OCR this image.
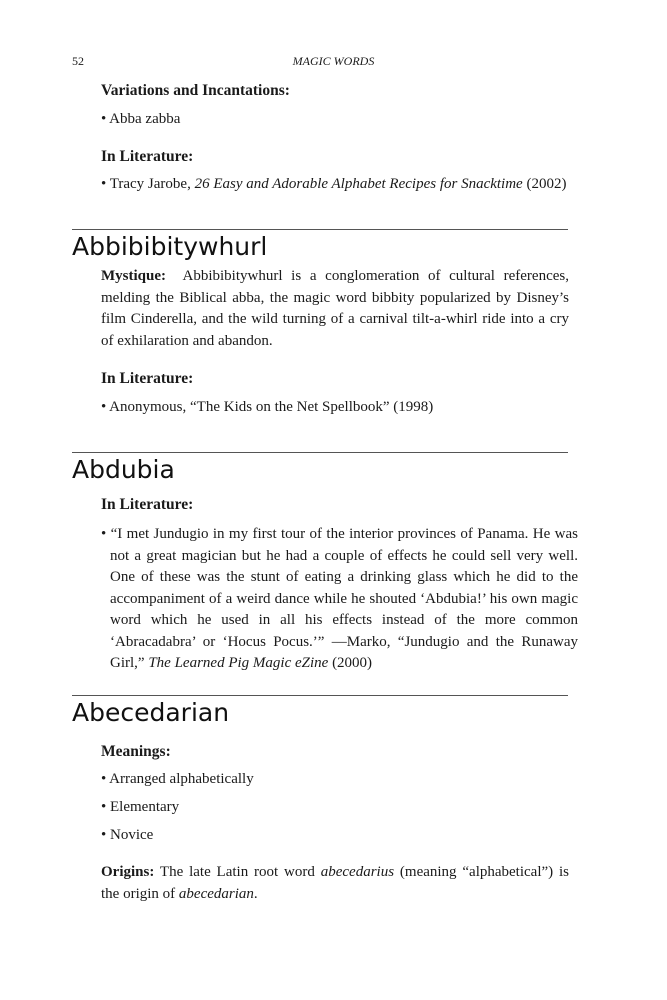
52	MAGIC WORDS
Variations and Incantations:
• Abba zabba
In Literature:
• Tracy Jarobe, 26 Easy and Adorable Alphabet Recipes for Snacktime (2002)
Abbibibitywhurl
Mystique: Abbibibitywhurl is a conglomeration of cultural references, melding the Biblical abba, the magic word bibbity popularized by Disney’s film Cinderella, and the wild turning of a carnival tilt-a-whirl ride into a cry of exhilaration and abandon.
In Literature:
• Anonymous, “The Kids on the Net Spellbook” (1998)
Abdubia
In Literature:
• “I met Jundugio in my first tour of the interior provinces of Panama. He was not a great magician but he had a couple of effects he could sell very well. One of these was the stunt of eating a drinking glass which he did to the accompaniment of a weird dance while he shouted ‘Abdubia!’ his own magic word which he used in all his effects instead of the more common ‘Abracadabra’ or ‘Hocus Pocus.’” —Marko, “Jundugio and the Runaway Girl,” The Learned Pig Magic eZine (2000)
Abecedarian
Meanings:
• Arranged alphabetically
• Elementary
• Novice
Origins: The late Latin root word abecedarius (meaning “alphabetical”) is the origin of abecedarian.
